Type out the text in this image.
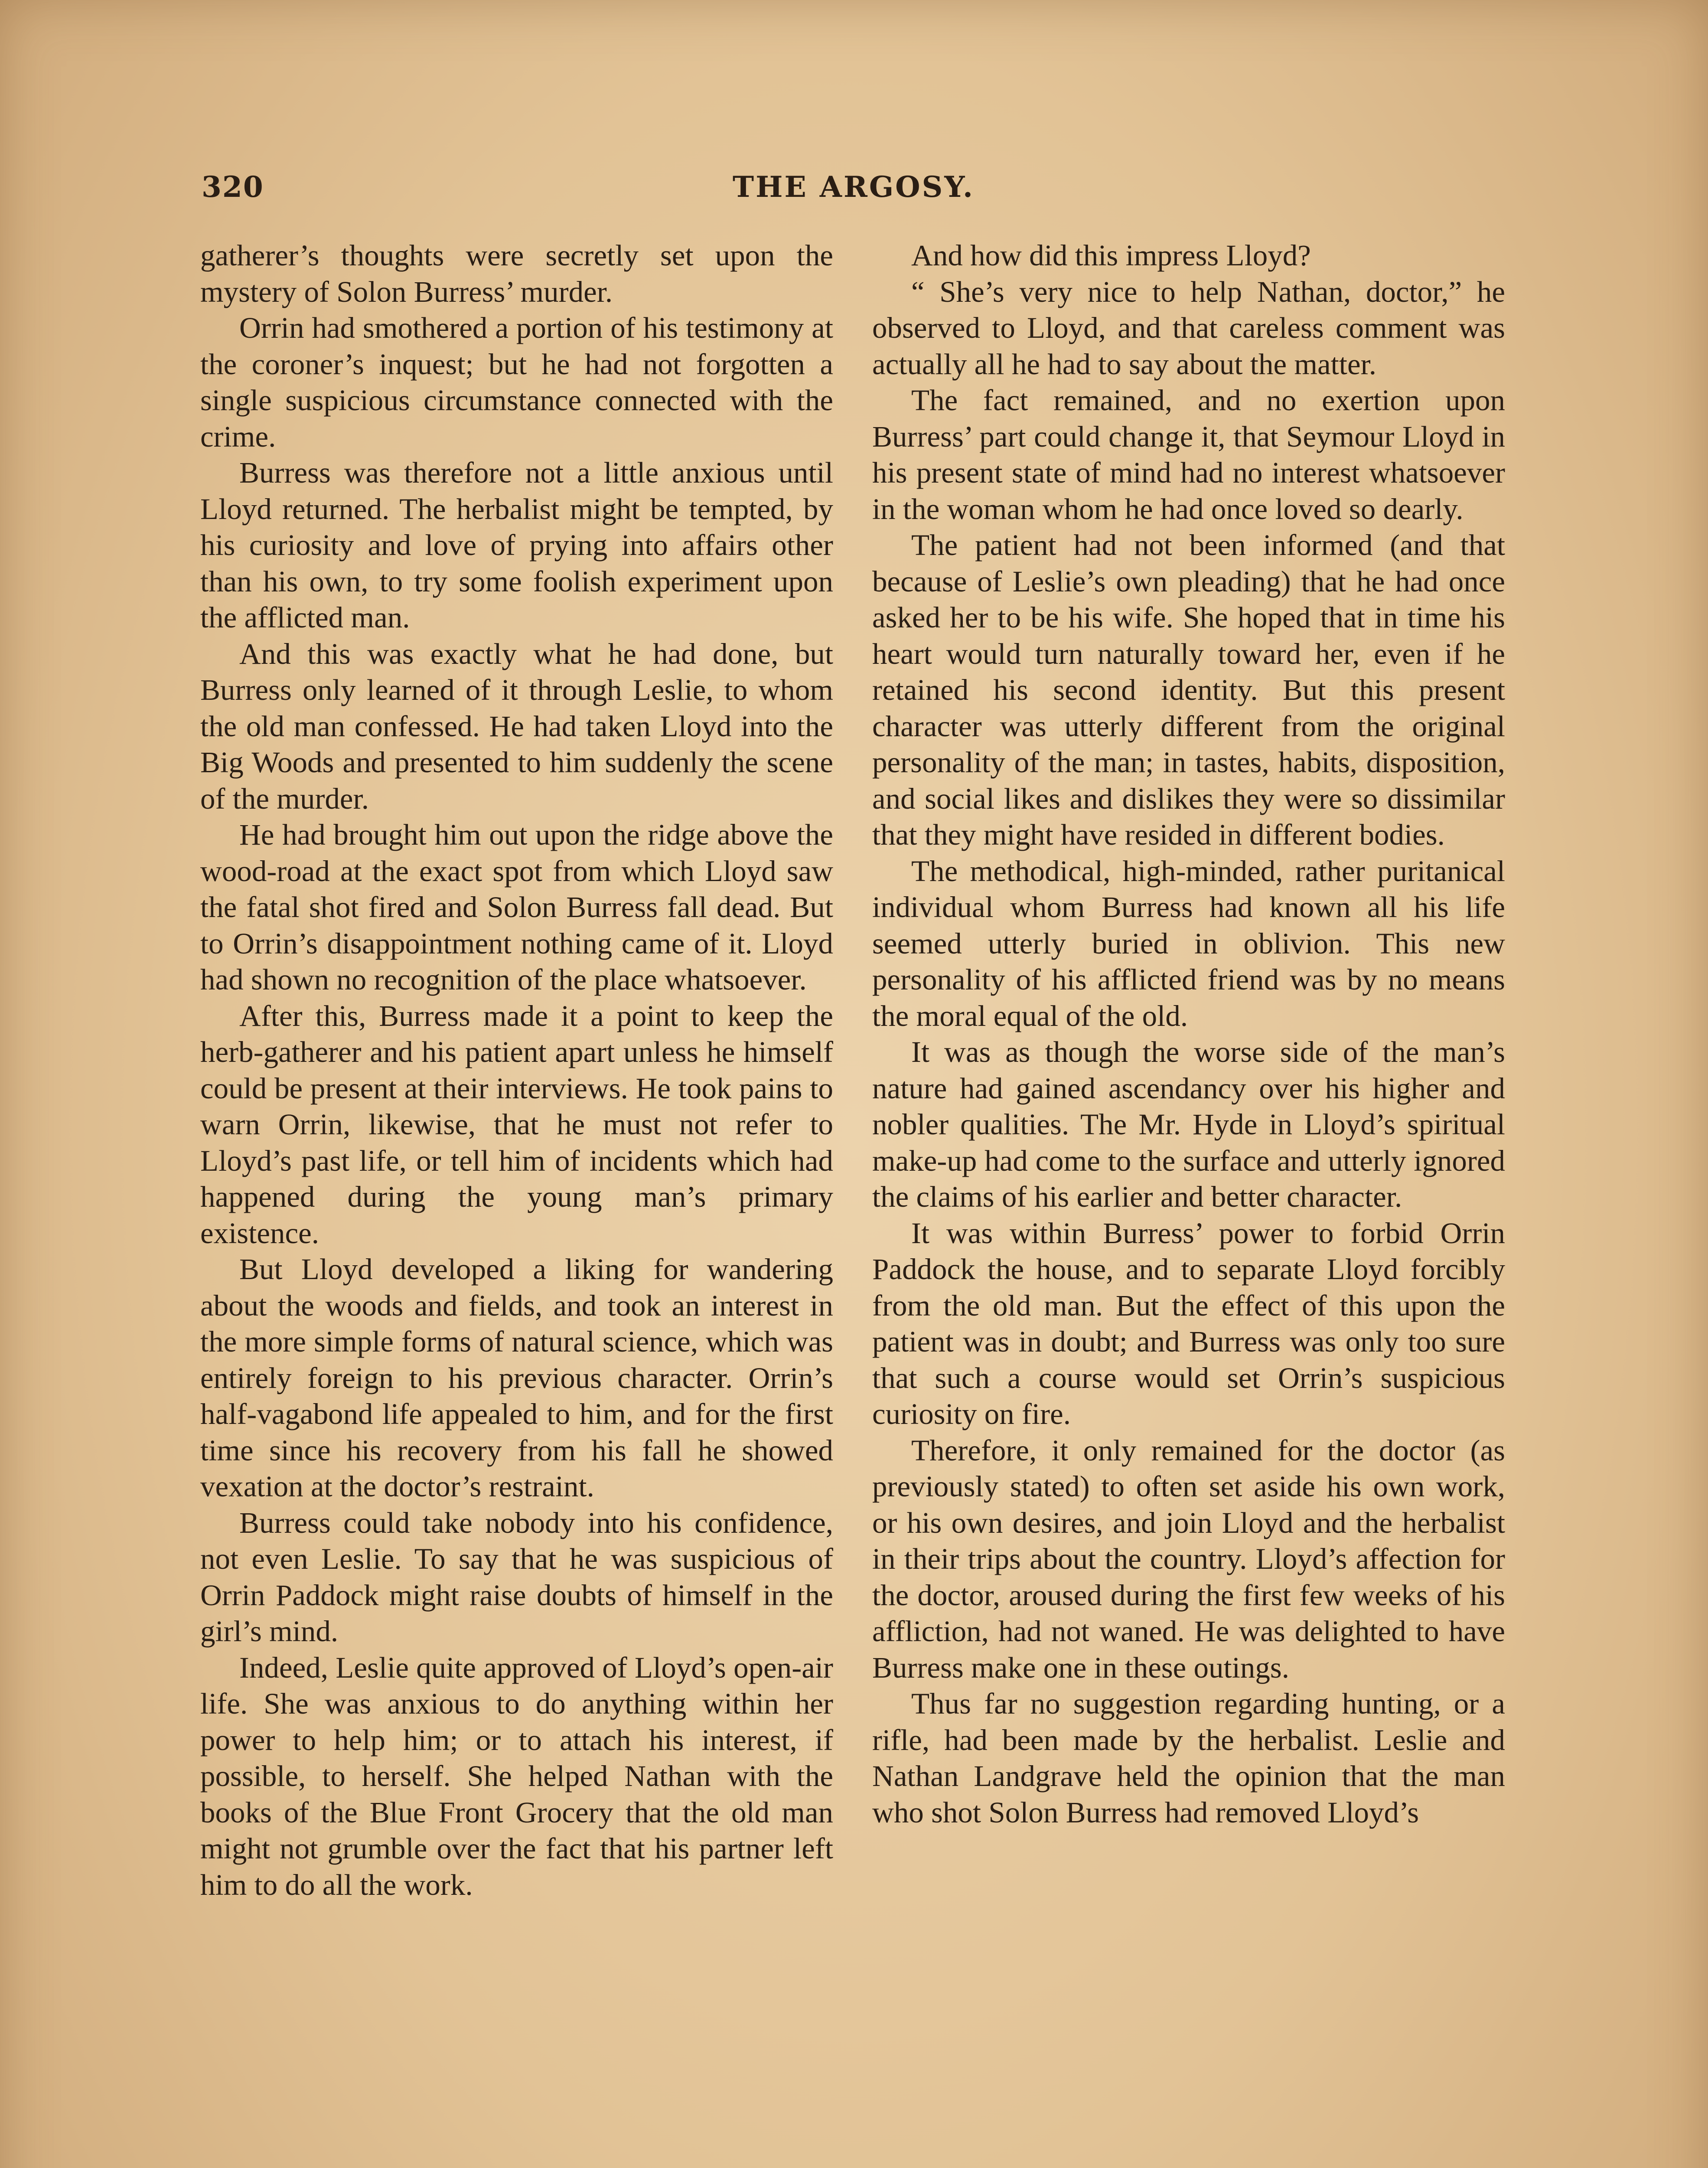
320	THE ARGOSY.

gatherer’s thoughts were secretly set upon the mystery of Solon Burress’ murder.

Orrin had smothered a portion of his testimony at the coroner’s inquest; but he had not forgotten a single suspicious circumstance connected with the crime.

Burress was therefore not a little anxious until Lloyd returned. The herbalist might be tempted, by his curiosity and love of prying into affairs other than his own, to try some foolish experiment upon the afflicted man.

And this was exactly what he had done, but Burress only learned of it through Leslie, to whom the old man confessed. He had taken Lloyd into the Big Woods and presented to him suddenly the scene of the murder.

He had brought him out upon the ridge above the wood-road at the exact spot from which Lloyd saw the fatal shot fired and Solon Burress fall dead. But to Orrin’s disappointment nothing came of it. Lloyd had shown no recognition of the place whatsoever.

After this, Burress made it a point to keep the herb-gatherer and his patient apart unless he himself could be present at their interviews. He took pains to warn Orrin, likewise, that he must not refer to Lloyd’s past life, or tell him of incidents which had happened during the young man’s primary existence.

But Lloyd developed a liking for wandering about the woods and fields, and took an interest in the more simple forms of natural science, which was entirely foreign to his previous character. Orrin’s half-vagabond life appealed to him, and for the first time since his recovery from his fall he showed vexation at the doctor’s restraint.

Burress could take nobody into his confidence, not even Leslie. To say that he was suspicious of Orrin Paddock might raise doubts of himself in the girl’s mind.

Indeed, Leslie quite approved of Lloyd’s open-air life. She was anxious to do anything within her power to help him; or to attach his interest, if possible, to herself. She helped Nathan with the books of the Blue Front Grocery that the old man might not grumble over the fact that his partner left him to do all the work.

And how did this impress Lloyd?

“ She’s very nice to help Nathan, doctor,” he observed to Lloyd, and that careless comment was actually all he had to say about the matter.

The fact remained, and no exertion upon Burress’ part could change it, that Seymour Lloyd in his present state of mind had no interest whatsoever in the woman whom he had once loved so dearly.

The patient had not been informed (and that because of Leslie’s own pleading) that he had once asked her to be his wife. She hoped that in time his heart would turn naturally toward her, even if he retained his second identity. But this present character was utterly different from the original personality of the man; in tastes, habits, disposition, and social likes and dislikes they were so dissimilar that they might have resided in different bodies.

The methodical, high-minded, rather puritanical individual whom Burress had known all his life seemed utterly buried in oblivion. This new personality of his afflicted friend was by no means the moral equal of the old.

It was as though the worse side of the man’s nature had gained ascendancy over his higher and nobler qualities. The Mr. Hyde in Lloyd’s spiritual make-up had come to the surface and utterly ignored the claims of his earlier and better character.

It was within Burress’ power to forbid Orrin Paddock the house, and to separate Lloyd forcibly from the old man. But the effect of this upon the patient was in doubt; and Burress was only too sure that such a course would set Orrin’s suspicious curiosity on fire.

Therefore, it only remained for the doctor (as previously stated) to often set aside his own work, or his own desires, and join Lloyd and the herbalist in their trips about the country. Lloyd’s affection for the doctor, aroused during the first few weeks of his affliction, had not waned. He was delighted to have Burress make one in these outings.

Thus far no suggestion regarding hunting, or a rifle, had been made by the herbalist. Leslie and Nathan Landgrave held the opinion that the man who shot Solon Burress had removed Lloyd’s
